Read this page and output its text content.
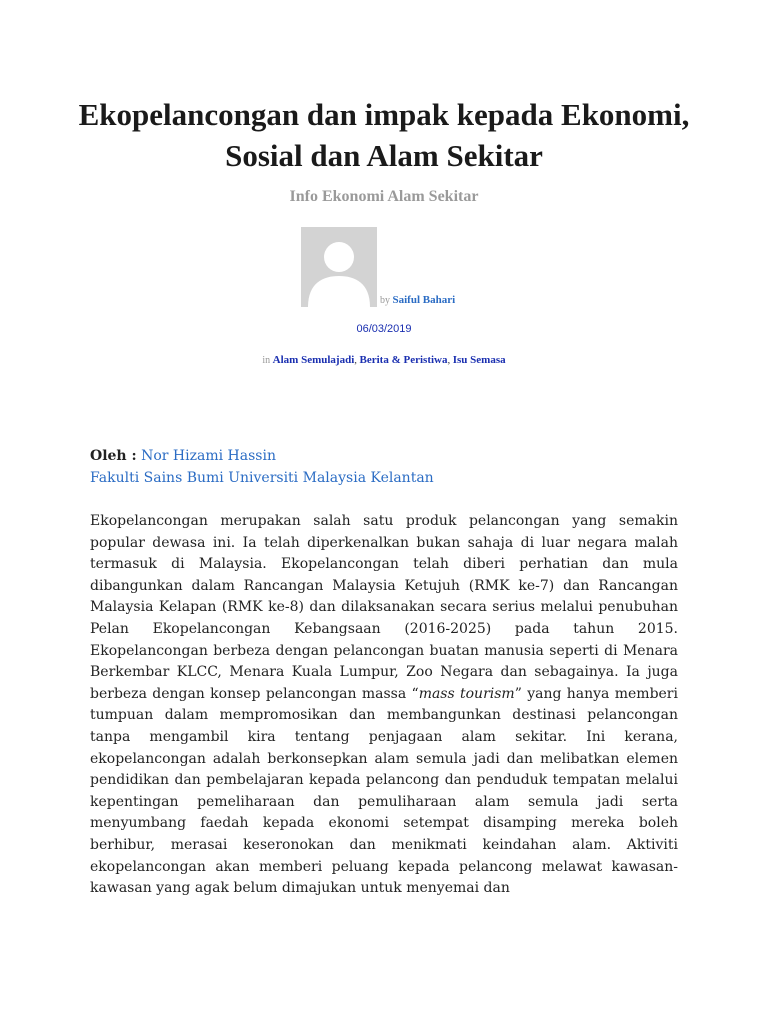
Ekopelancongan dan impak kepada Ekonomi, Sosial dan Alam Sekitar
Info Ekonomi Alam Sekitar
by Saiful Bahari
06/03/2019
in Alam Semulajadi, Berita & Peristiwa, Isu Semasa
Oleh : Nor Hizami Hassin
Fakulti Sains Bumi Universiti Malaysia Kelantan

Ekopelancongan merupakan salah satu produk pelancongan yang semakin popular dewasa ini. Ia telah diperkenalkan bukan sahaja di luar negara malah termasuk di Malaysia. Ekopelancongan telah diberi perhatian dan mula dibangunkan dalam Rancangan Malaysia Ketujuh (RMK ke-7) dan Rancangan Malaysia Kelapan (RMK ke-8) dan dilaksanakan secara serius melalui penubuhan Pelan Ekopelancongan Kebangsaan (2016-2025) pada tahun 2015. Ekopelancongan berbeza dengan pelancongan buatan manusia seperti di Menara Berkembar KLCC, Menara Kuala Lumpur, Zoo Negara dan sebagainya. Ia juga berbeza dengan konsep pelancongan massa “mass tourism” yang hanya memberi tumpuan dalam mempromosikan dan membangunkan destinasi pelancongan tanpa mengambil kira tentang penjagaan alam sekitar. Ini kerana, ekopelancongan adalah berkonsepkan alam semula jadi dan melibatkan elemen pendidikan dan pembelajaran kepada pelancong dan penduduk tempatan melalui kepentingan pemeliharaan dan pemuliharaan alam semula jadi serta menyumbang faedah kepada ekonomi setempat disamping mereka boleh berhibur, merasai keseronokan dan menikmati keindahan alam. Aktiviti ekopelancongan akan memberi peluang kepada pelancong melawat kawasan-kawasan yang agak belum dimajukan untuk menyemai dan
